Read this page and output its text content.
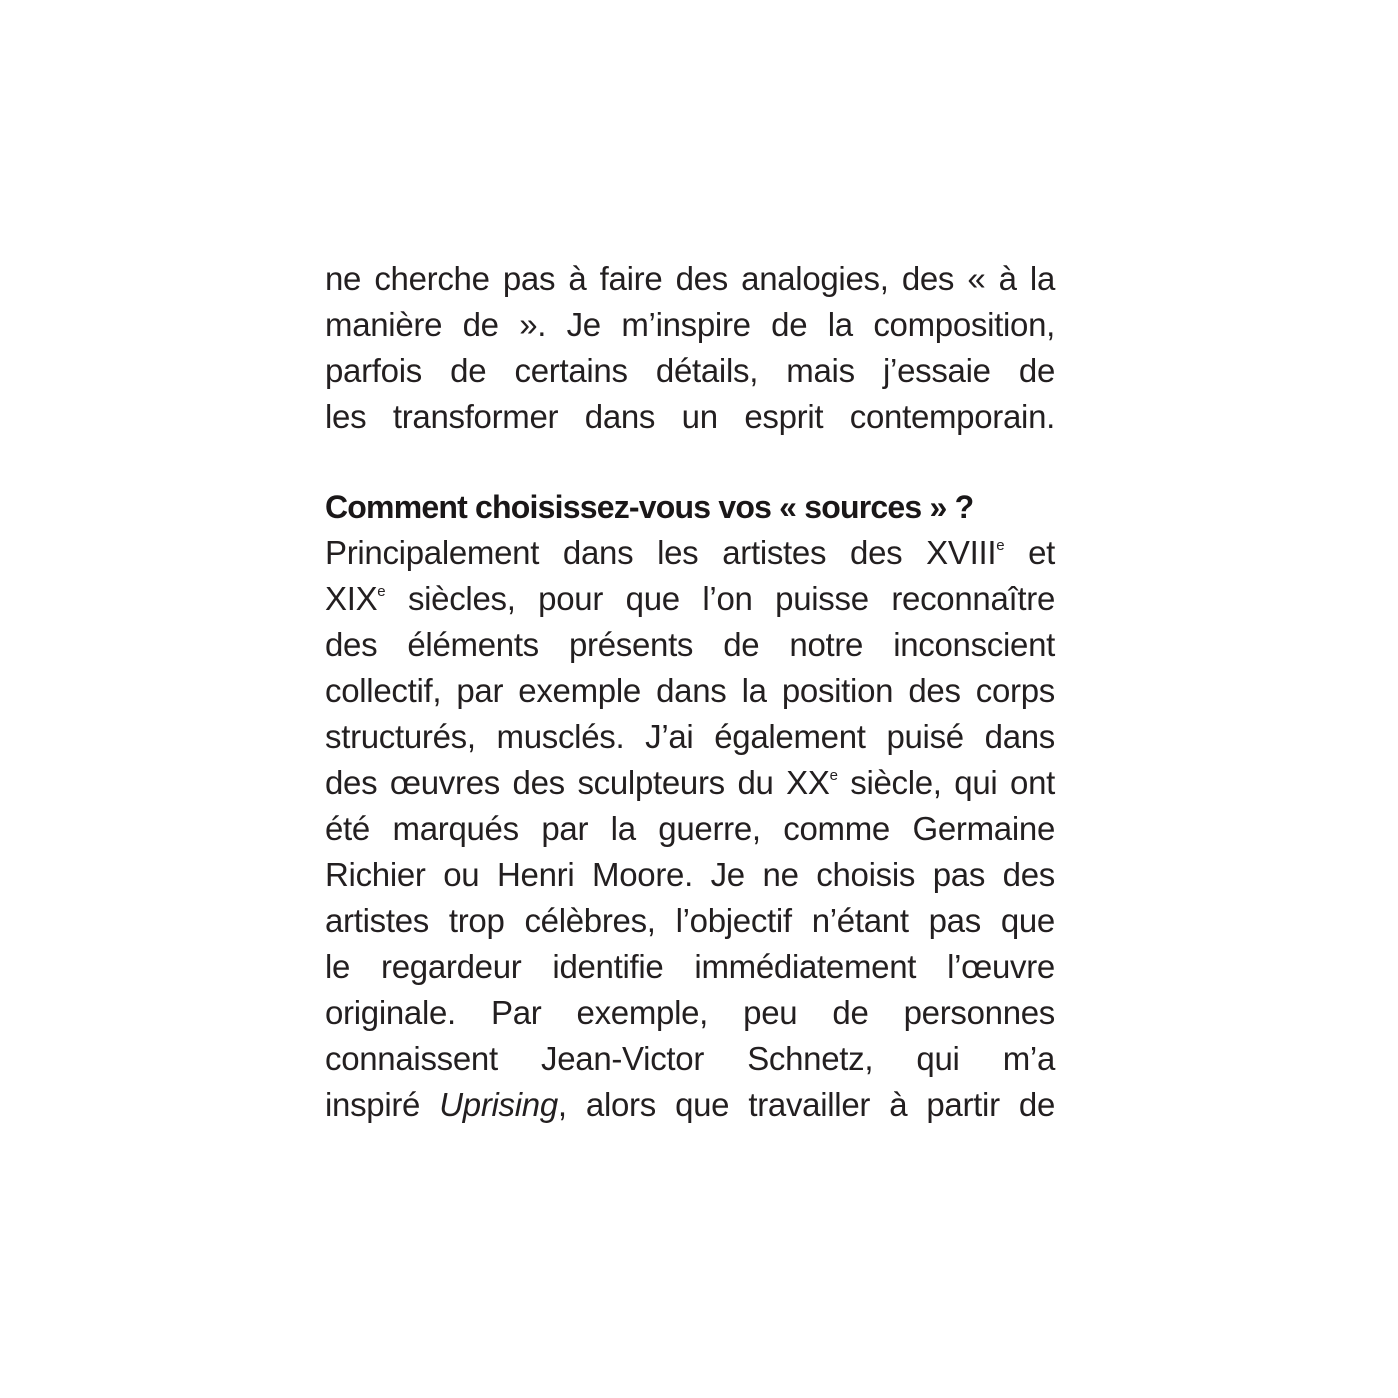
ne cherche pas à faire des analogies, des « à la
manière de ». Je m’inspire de la composition,
parfois de certains détails, mais j’essaie de
les transformer dans un esprit contemporain.
Comment choisissez-vous vos « sources » ?
Principalement dans les artistes des XVIIIe et
XIXe siècles, pour que l’on puisse reconnaître
des éléments présents de notre inconscient
collectif, par exemple dans la position des corps
structurés, musclés. J’ai également puisé dans
des œuvres des sculpteurs du XXe siècle, qui ont
été marqués par la guerre, comme Germaine
Richier ou Henri Moore. Je ne choisis pas des
artistes trop célèbres, l’objectif n’étant pas que
le regardeur identifie immédiatement l’œuvre
originale. Par exemple, peu de personnes
connaissent Jean-Victor Schnetz, qui m’a
inspiré Uprising, alors que travailler à partir de
